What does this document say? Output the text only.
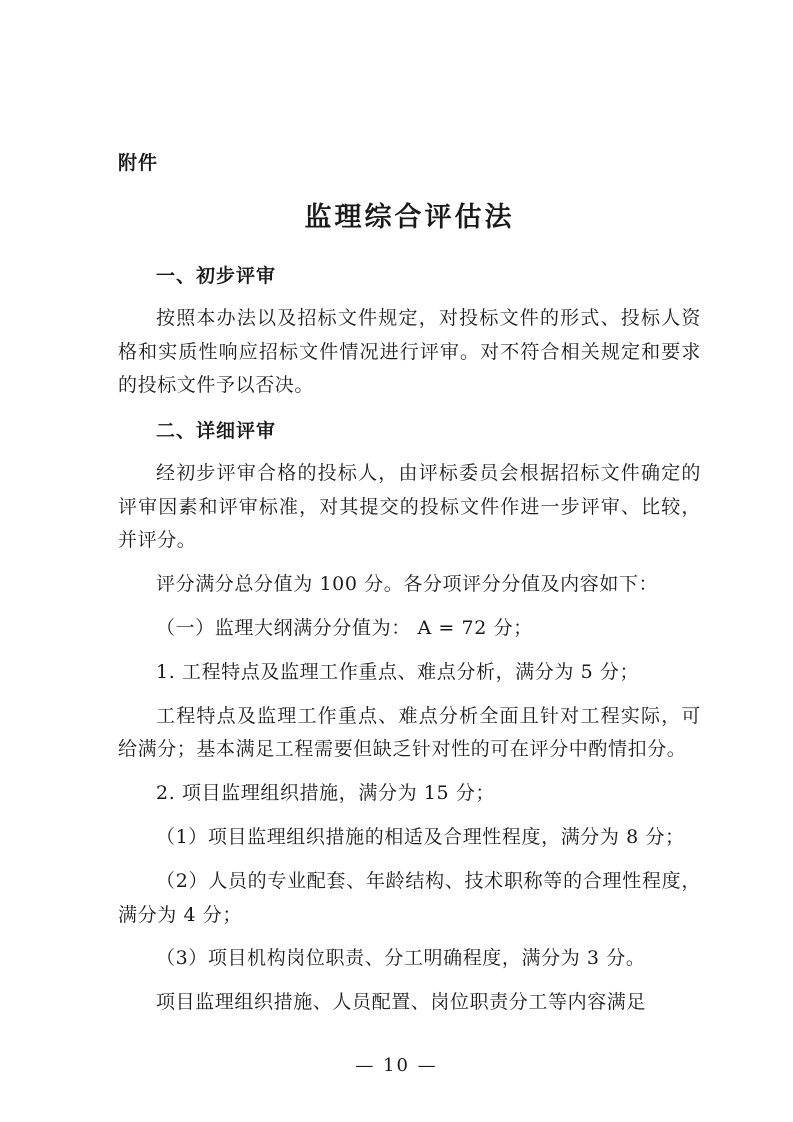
附件
监理综合评估法
一、初步评审

按照本办法以及招标文件规定，对投标文件的形式、投标人资格和实质性响应招标文件情况进行评审。对不符合相关规定和要求的投标文件予以否决。

二、详细评审

经初步评审合格的投标人，由评标委员会根据招标文件确定的评审因素和评审标准，对其提交的投标文件作进一步评审、比较，并评分。

评分满分总分值为 100 分。各分项评分分值及内容如下：

（一）监理大纲满分分值为： A = 72 分；

1. 工程特点及监理工作重点、难点分析，满分为 5 分；

工程特点及监理工作重点、难点分析全面且针对工程实际，可给满分；基本满足工程需要但缺乏针对性的可在评分中酌情扣分。

2. 项目监理组织措施，满分为 15 分；

（1）项目监理组织措施的相适及合理性程度，满分为 8 分；

（2）人员的专业配套、年龄结构、技术职称等的合理性程度，满分为 4 分；

（3）项目机构岗位职责、分工明确程度，满分为 3 分。

项目监理组织措施、人员配置、岗位职责分工等内容满足

— 10 —
